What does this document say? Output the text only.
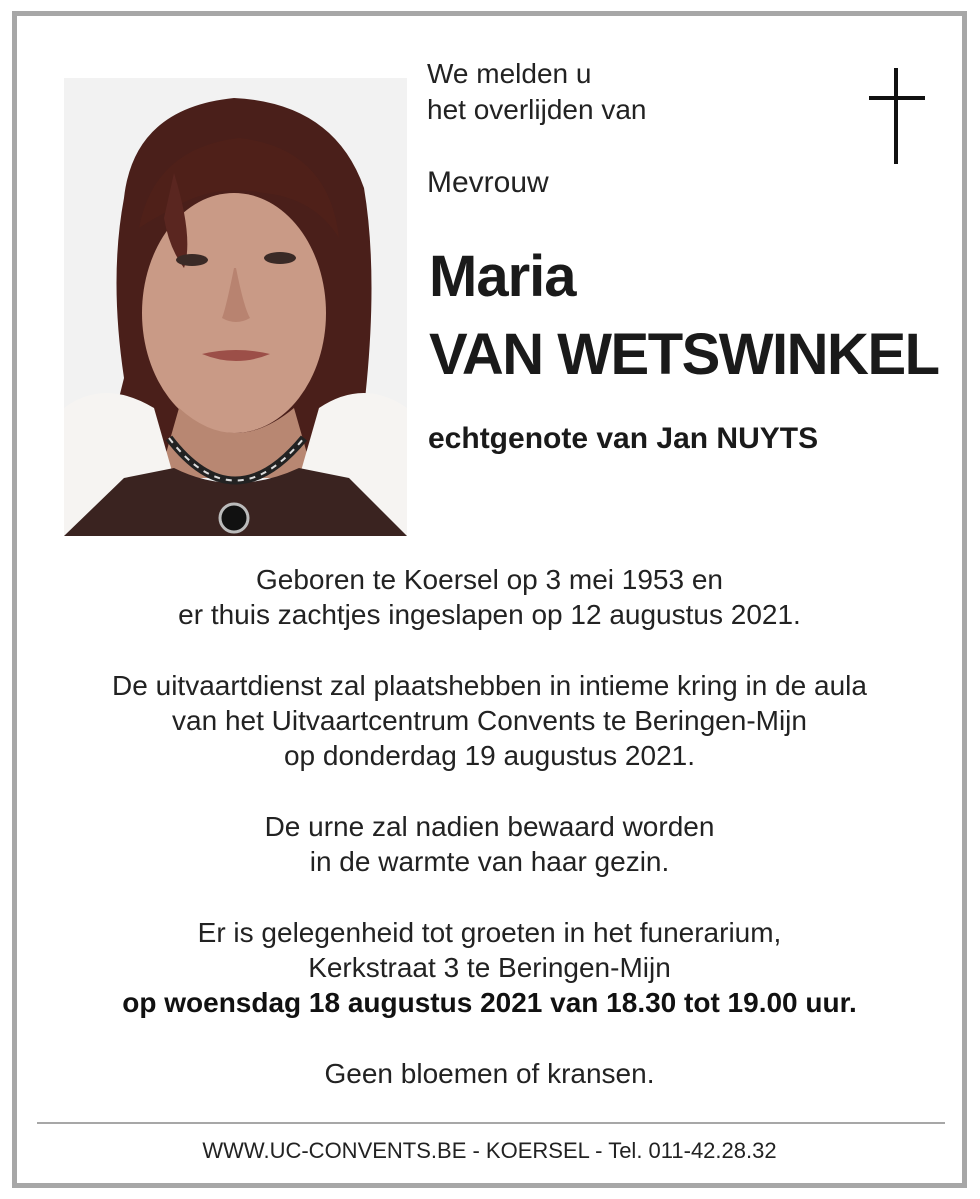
We melden u
het overlijden van
Mevrouw
Maria
VAN WETSWINKEL
echtgenote van Jan NUYTS
Geboren te Koersel op 3 mei 1953 en
er thuis zachtjes ingeslapen op 12 augustus 2021.
De uitvaartdienst zal plaatshebben in intieme kring in de aula
van het Uitvaartcentrum Convents te Beringen-Mijn
op donderdag 19 augustus 2021.
De urne zal nadien bewaard worden
in de warmte van haar gezin.
Er is gelegenheid tot groeten in het funerarium,
Kerkstraat 3 te Beringen-Mijn
op woensdag 18 augustus 2021 van 18.30 tot 19.00 uur.
Geen bloemen of kransen.
WWW.UC-CONVENTS.BE - KOERSEL - Tel. 011-42.28.32
